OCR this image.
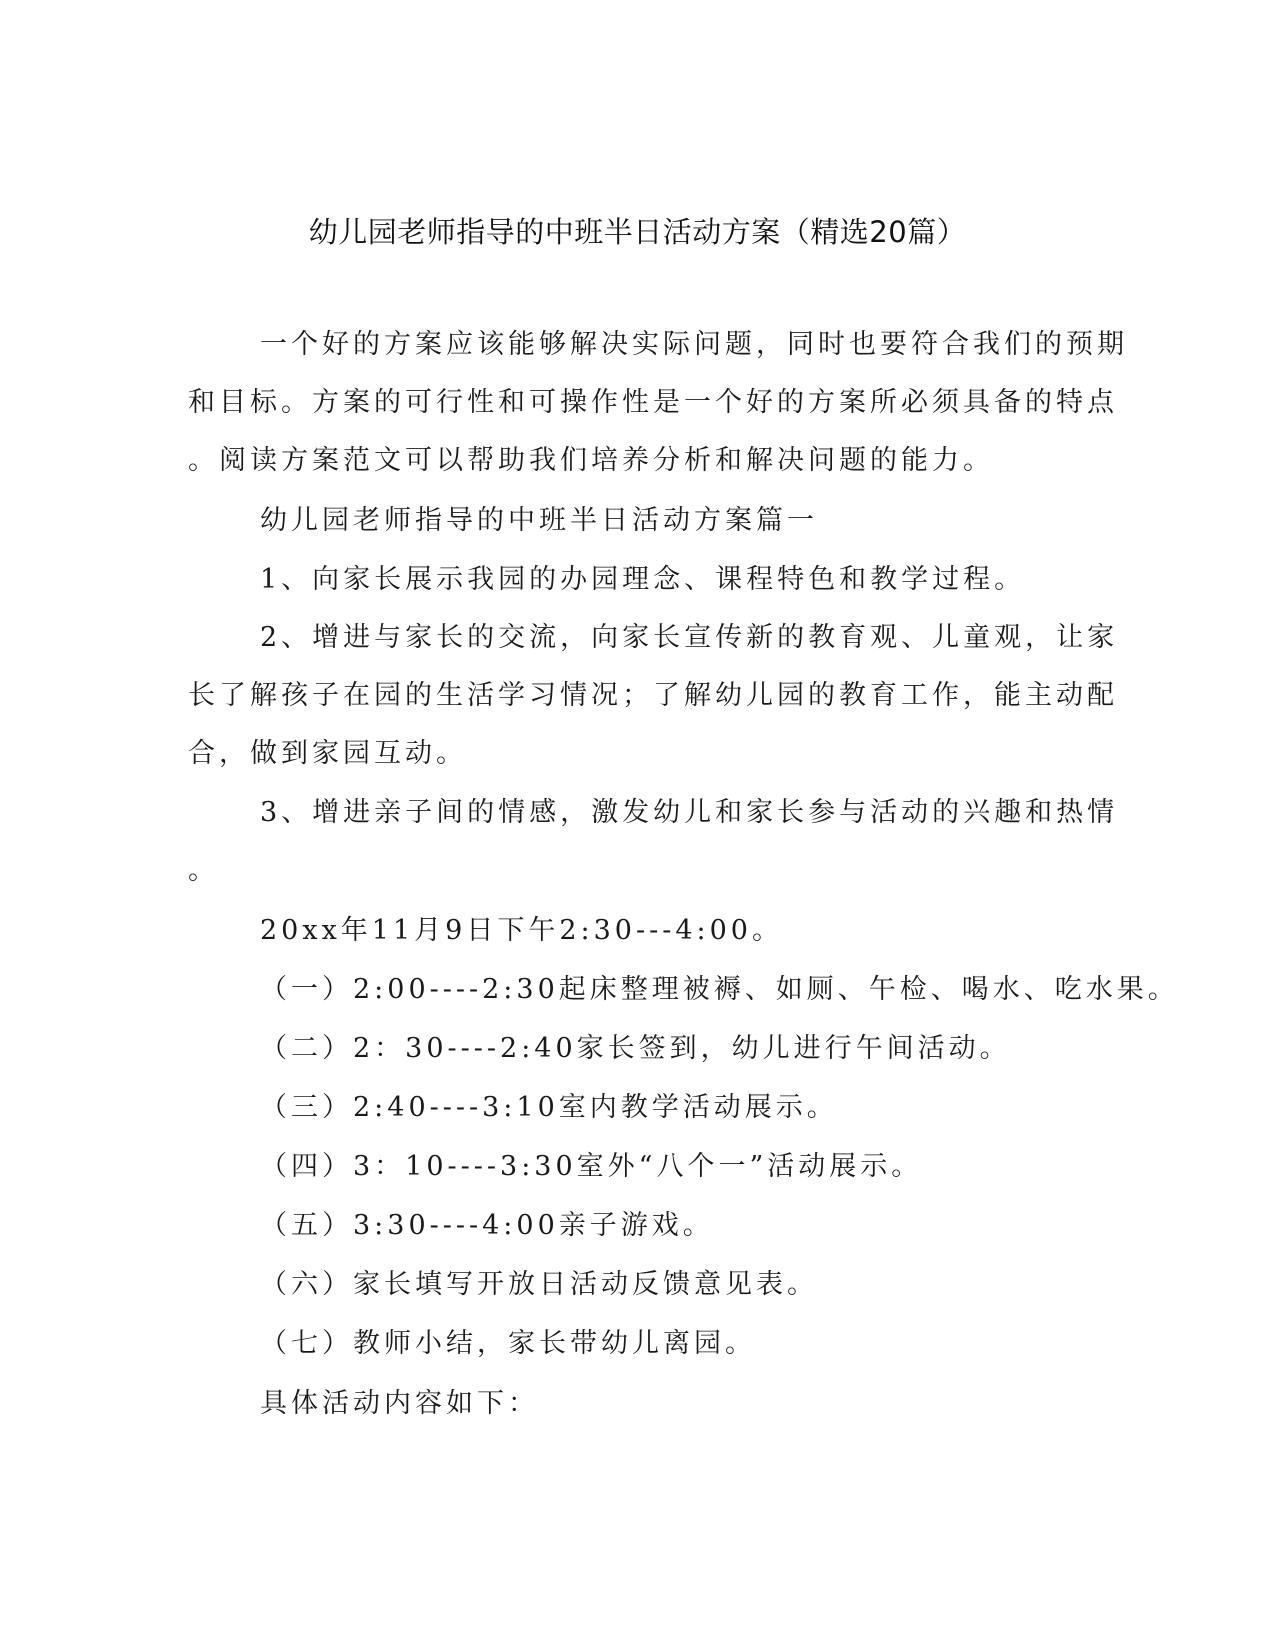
幼儿园老师指导的中班半日活动方案（精选20篇）
一个好的方案应该能够解决实际问题，同时也要符合我们的预期
和目标。方案的可行性和可操作性是一个好的方案所必须具备的特点
。阅读方案范文可以帮助我们培养分析和解决问题的能力。
幼儿园老师指导的中班半日活动方案篇一
1、向家长展示我园的办园理念、课程特色和教学过程。
2、增进与家长的交流，向家长宣传新的教育观、儿童观，让家
长了解孩子在园的生活学习情况；了解幼儿园的教育工作，能主动配
合，做到家园互动。
3、增进亲子间的情感，激发幼儿和家长参与活动的兴趣和热情
。
20xx年11月9日下午2:30---4:00。
（一）2:00----2:30起床整理被褥、如厕、午检、喝水、吃水果。
（二）2：30----2:40家长签到，幼儿进行午间活动。
（三）2:40----3:10室内教学活动展示。
（四）3：10----3:30室外“八个一”活动展示。
（五）3:30----4:00亲子游戏。
（六）家长填写开放日活动反馈意见表。
（七）教师小结，家长带幼儿离园。
具体活动内容如下：
